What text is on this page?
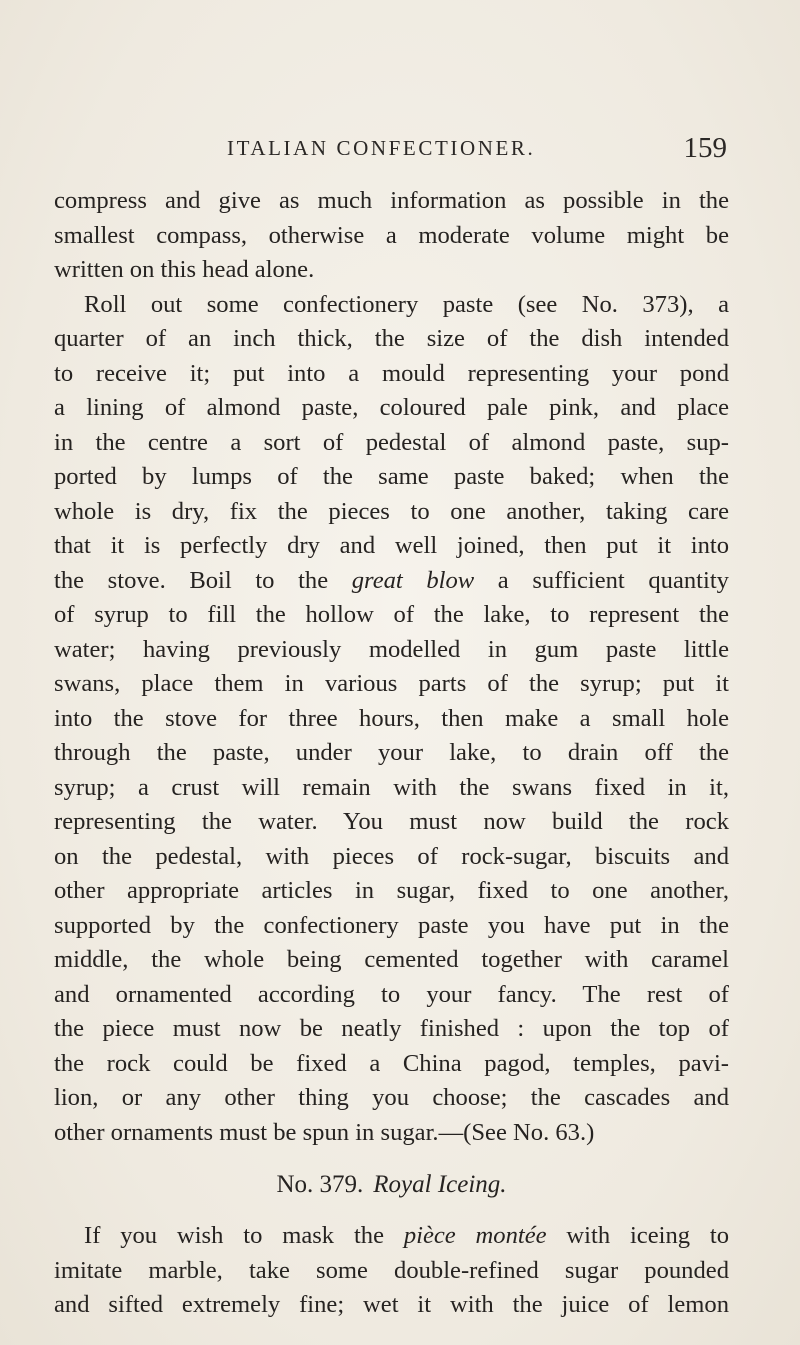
ITALIAN CONFECTIONER.	159
compress and give as much information as possible in the
smallest compass, otherwise a moderate volume might be
written on this head alone.
Roll out some confectionery paste (see No. 373), a
quarter of an inch thick, the size of the dish intended
to receive it; put into a mould representing your pond
a lining of almond paste, coloured pale pink, and place
in the centre a sort of pedestal of almond paste, sup-
ported by lumps of the same paste baked; when the
whole is dry, fix the pieces to one another, taking care
that it is perfectly dry and well joined, then put it into
the stove. Boil to the great blow a sufficient quantity
of syrup to fill the hollow of the lake, to represent the
water; having previously modelled in gum paste little
swans, place them in various parts of the syrup; put it
into the stove for three hours, then make a small hole
through the paste, under your lake, to drain off the
syrup; a crust will remain with the swans fixed in it,
representing the water. You must now build the rock
on the pedestal, with pieces of rock-sugar, biscuits and
other appropriate articles in sugar, fixed to one another,
supported by the confectionery paste you have put in the
middle, the whole being cemented together with caramel
and ornamented according to your fancy. The rest of
the piece must now be neatly finished : upon the top of
the rock could be fixed a China pagod, temples, pavi-
lion, or any other thing you choose; the cascades and
other ornaments must be spun in sugar.—(See No. 63.)
No. 379. Royal Iceing.
If you wish to mask the pièce montée with iceing to
imitate marble, take some double-refined sugar pounded
and sifted extremely fine; wet it with the juice of lemon
